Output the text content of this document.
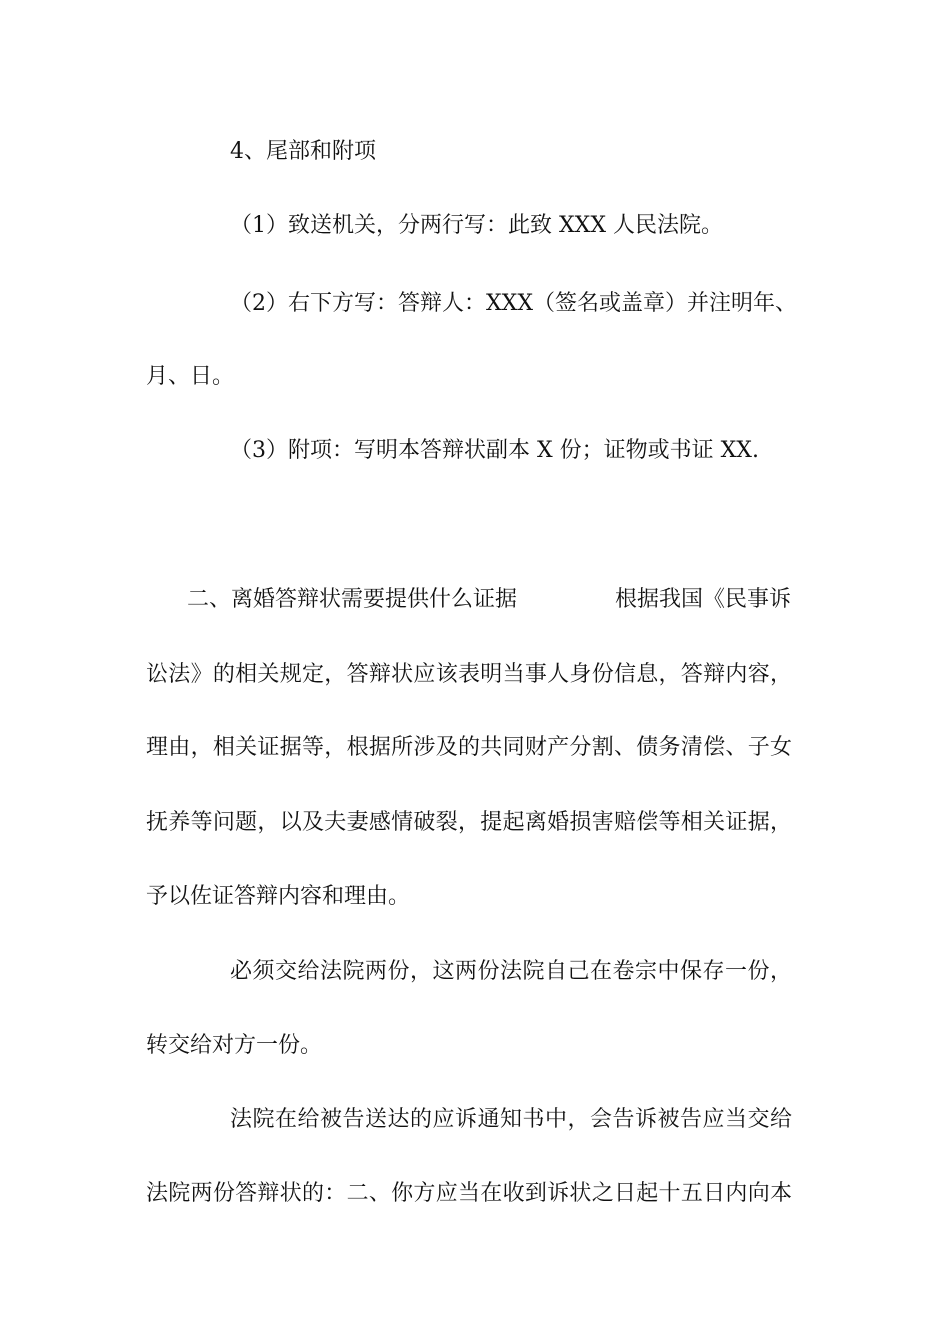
4、尾部和附项

（1）致送机关，分两行写：此致 XXX 人民法院。

（2）右下方写：答辩人：XXX（签名或盖章）并注明年、

月、日。

（3）附项：写明本答辩状副本 X 份；证物或书证 XX.

二、离婚答辩状需要提供什么证据	根据我国《民事诉

讼法》的相关规定，答辩状应该表明当事人身份信息，答辩内容，

理由，相关证据等，根据所涉及的共同财产分割、债务清偿、子女

抚养等问题，以及夫妻感情破裂，提起离婚损害赔偿等相关证据，

予以佐证答辩内容和理由。

必须交给法院两份，这两份法院自己在卷宗中保存一份，

转交给对方一份。

法院在给被告送达的应诉通知书中，会告诉被告应当交给

法院两份答辩状的：二、你方应当在收到诉状之日起十五日内向本
